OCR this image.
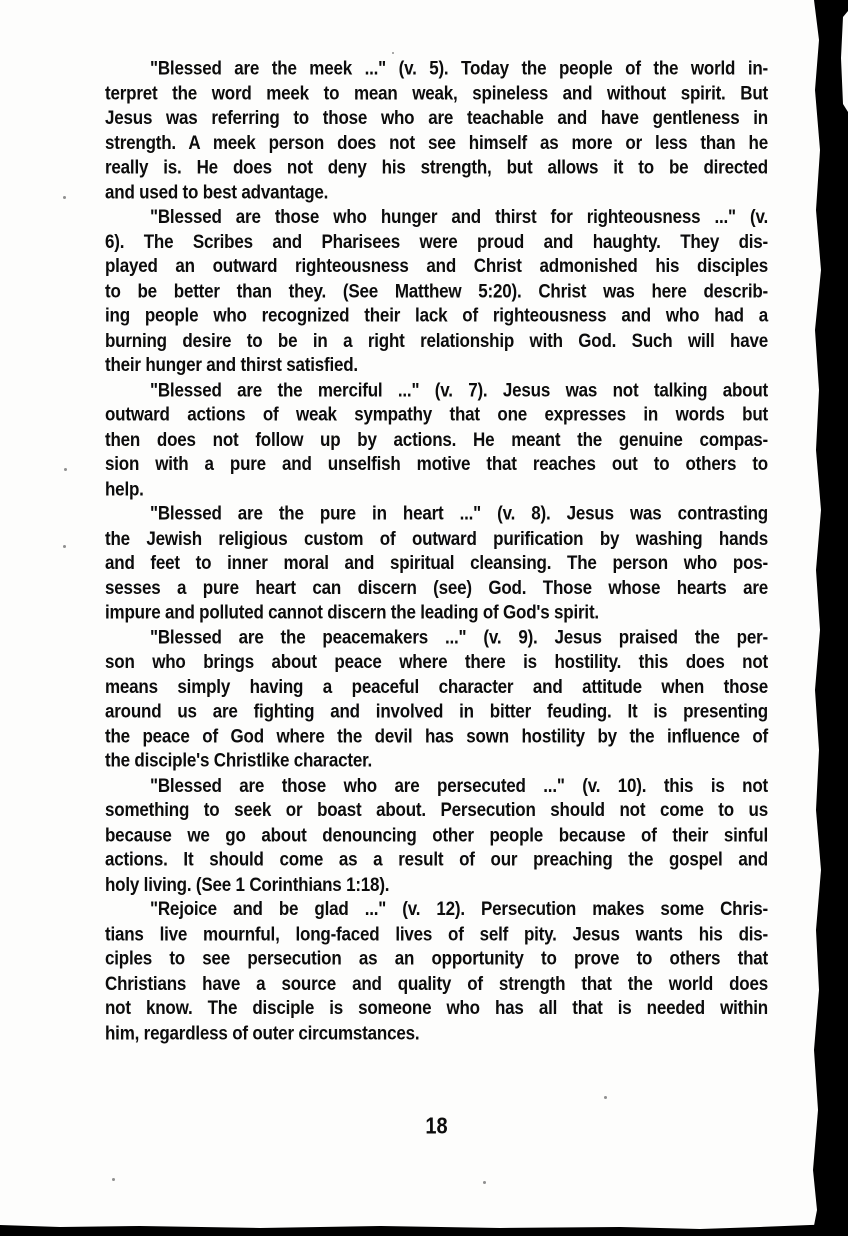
"Blessed are the meek ..." (v. 5). Today the people of the world in-
terpret the word meek to mean weak, spineless and without spirit. But
Jesus was referring to those who are teachable and have gentleness in
strength. A meek person does not see himself as more or less than he
really is. He does not deny his strength, but allows it to be directed
and used to best advantage.
"Blessed are those who hunger and thirst for righteousness ..." (v.
6). The Scribes and Pharisees were proud and haughty. They dis-
played an outward righteousness and Christ admonished his disciples
to be better than they. (See Matthew 5:20). Christ was here describ-
ing people who recognized their lack of righteousness and who had a
burning desire to be in a right relationship with God. Such will have
their hunger and thirst satisfied.
"Blessed are the merciful ..." (v. 7). Jesus was not talking about
outward actions of weak sympathy that one expresses in words but
then does not follow up by actions. He meant the genuine compas-
sion with a pure and unselfish motive that reaches out to others to
help.
"Blessed are the pure in heart ..." (v. 8). Jesus was contrasting
the Jewish religious custom of outward purification by washing hands
and feet to inner moral and spiritual cleansing. The person who pos-
sesses a pure heart can discern (see) God. Those whose hearts are
impure and polluted cannot discern the leading of God's spirit.
"Blessed are the peacemakers ..." (v. 9). Jesus praised the per-
son who brings about peace where there is hostility. this does not
means simply having a peaceful character and attitude when those
around us are fighting and involved in bitter feuding. It is presenting
the peace of God where the devil has sown hostility by the influence of
the disciple's Christlike character.
"Blessed are those who are persecuted ..." (v. 10). this is not
something to seek or boast about. Persecution should not come to us
because we go about denouncing other people because of their sinful
actions. It should come as a result of our preaching the gospel and
holy living. (See 1 Corinthians 1:18).
"Rejoice and be glad ..." (v. 12). Persecution makes some Chris-
tians live mournful, long-faced lives of self pity. Jesus wants his dis-
ciples to see persecution as an opportunity to prove to others that
Christians have a source and quality of strength that the world does
not know. The disciple is someone who has all that is needed within
him, regardless of outer circumstances.
18
